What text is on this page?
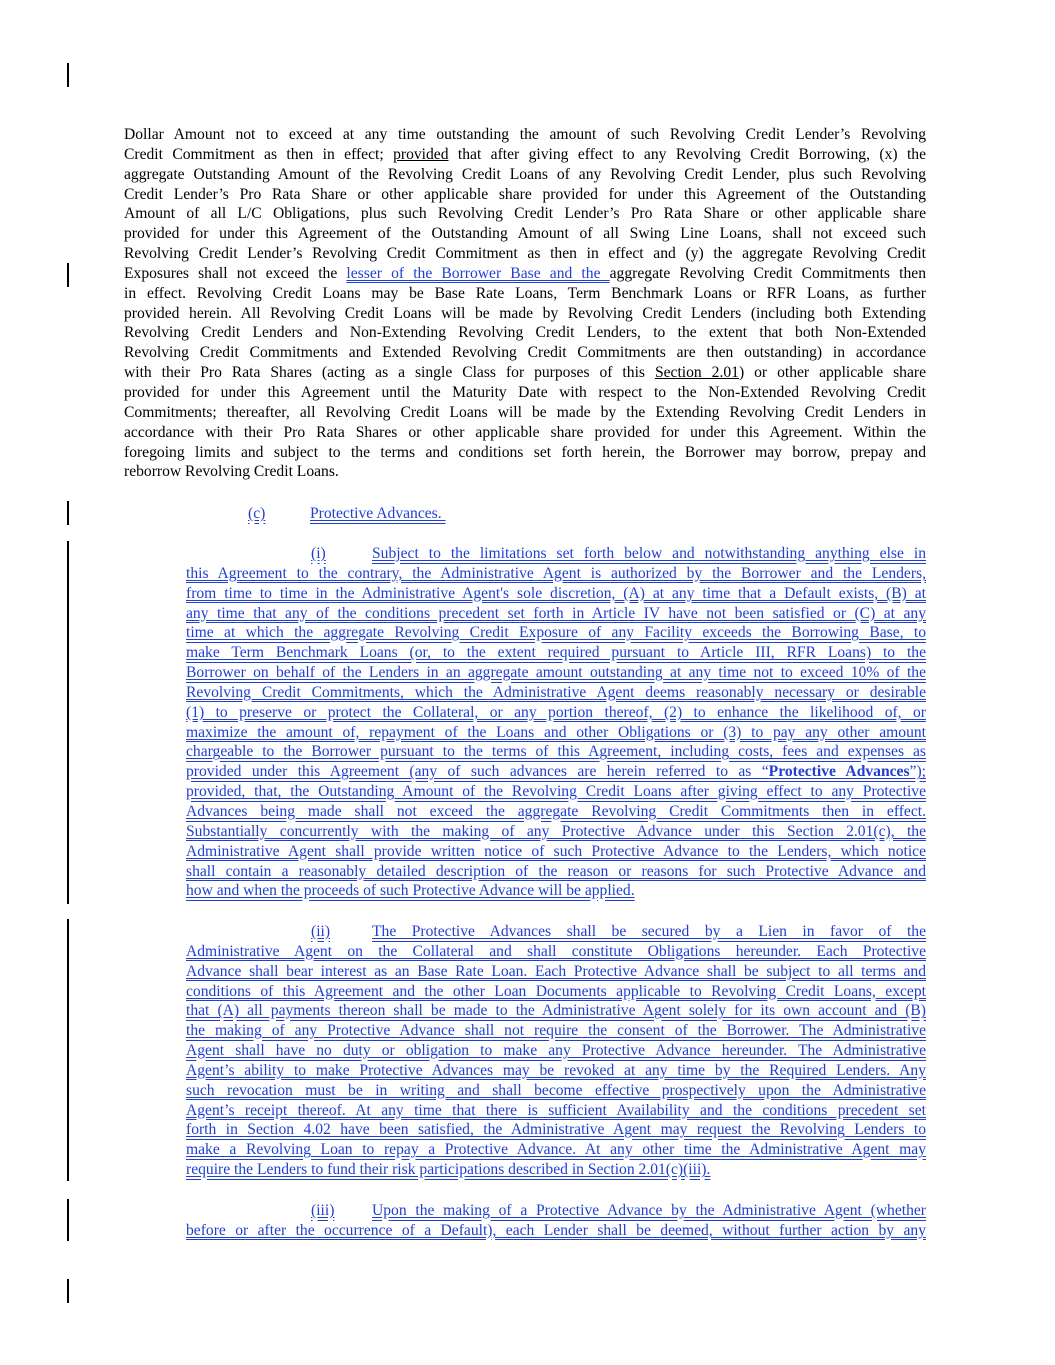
Dollar Amount not to exceed at any time outstanding the amount of such Revolving Credit Lender’s Revolving
Credit Commitment as then in effect; provided that after giving effect to any Revolving Credit Borrowing, (x) the
aggregate Outstanding Amount of the Revolving Credit Loans of any Revolving Credit Lender, plus such Revolving
Credit Lender’s Pro Rata Share or other applicable share provided for under this Agreement of the Outstanding
Amount of all L/C Obligations, plus such Revolving Credit Lender’s Pro Rata Share or other applicable share
provided for under this Agreement of the Outstanding Amount of all Swing Line Loans, shall not exceed such
Revolving Credit Lender’s Revolving Credit Commitment as then in effect and (y) the aggregate Revolving Credit
Exposures shall not exceed the lesser of the Borrower Base and the aggregate Revolving Credit Commitments then
in effect. Revolving Credit Loans may be Base Rate Loans, Term Benchmark Loans or RFR Loans, as further
provided herein. All Revolving Credit Loans will be made by Revolving Credit Lenders (including both Extending
Revolving Credit Lenders and Non-Extending Revolving Credit Lenders, to the extent that both Non-Extended
Revolving Credit Commitments and Extended Revolving Credit Commitments are then outstanding) in accordance
with their Pro Rata Shares (acting as a single Class for purposes of this Section 2.01) or other applicable share
provided for under this Agreement until the Maturity Date with respect to the Non-Extended Revolving Credit
Commitments; thereafter, all Revolving Credit Loans will be made by the Extending Revolving Credit Lenders in
accordance with their Pro Rata Shares or other applicable share provided for under this Agreement. Within the
foregoing limits and subject to the terms and conditions set forth herein, the Borrower may borrow, prepay and
reborrow Revolving Credit Loans.
(c)	Protective Advances.
(i)	Subject to the limitations set forth below and notwithstanding anything else in
this Agreement to the contrary, the Administrative Agent is authorized by the Borrower and the Lenders,
from time to time in the Administrative Agent's sole discretion, (A) at any time that a Default exists, (B) at
any time that any of the conditions precedent set forth in Article IV have not been satisfied or (C) at any
time at which the aggregate Revolving Credit Exposure of any Facility exceeds the Borrowing Base, to
make Term Benchmark Loans (or, to the extent required pursuant to Article III, RFR Loans) to the
Borrower on behalf of the Lenders in an aggregate amount outstanding at any time not to exceed 10% of the
Revolving Credit Commitments, which the Administrative Agent deems reasonably necessary or desirable
(1) to preserve or protect the Collateral, or any portion thereof, (2) to enhance the likelihood of, or
maximize the amount of, repayment of the Loans and other Obligations or (3) to pay any other amount
chargeable to the Borrower pursuant to the terms of this Agreement, including costs, fees and expenses as
provided under this Agreement (any of such advances are herein referred to as “Protective Advances”);
provided, that, the Outstanding Amount of the Revolving Credit Loans after giving effect to any Protective
Advances being made shall not exceed the aggregate Revolving Credit Commitments then in effect.
Substantially concurrently with the making of any Protective Advance under this Section 2.01(c), the
Administrative Agent shall provide written notice of such Protective Advance to the Lenders, which notice
shall contain a reasonably detailed description of the reason or reasons for such Protective Advance and
how and when the proceeds of such Protective Advance will be applied.
(ii)	The Protective Advances shall be secured by a Lien in favor of the
Administrative Agent on the Collateral and shall constitute Obligations hereunder. Each Protective
Advance shall bear interest as an Base Rate Loan. Each Protective Advance shall be subject to all terms and
conditions of this Agreement and the other Loan Documents applicable to Revolving Credit Loans, except
that (A) all payments thereon shall be made to the Administrative Agent solely for its own account and (B)
the making of any Protective Advance shall not require the consent of the Borrower. The Administrative
Agent shall have no duty or obligation to make any Protective Advance hereunder. The Administrative
Agent’s ability to make Protective Advances may be revoked at any time by the Required Lenders. Any
such revocation must be in writing and shall become effective prospectively upon the Administrative
Agent’s receipt thereof. At any time that there is sufficient Availability and the conditions precedent set
forth in Section 4.02 have been satisfied, the Administrative Agent may request the Revolving Lenders to
make a Revolving Loan to repay a Protective Advance. At any other time the Administrative Agent may
require the Lenders to fund their risk participations described in Section 2.01(c)(iii).
(iii) Upon the making of a Protective Advance by the Administrative Agent (whether
before or after the occurrence of a Default), each Lender shall be deemed, without further action by any
